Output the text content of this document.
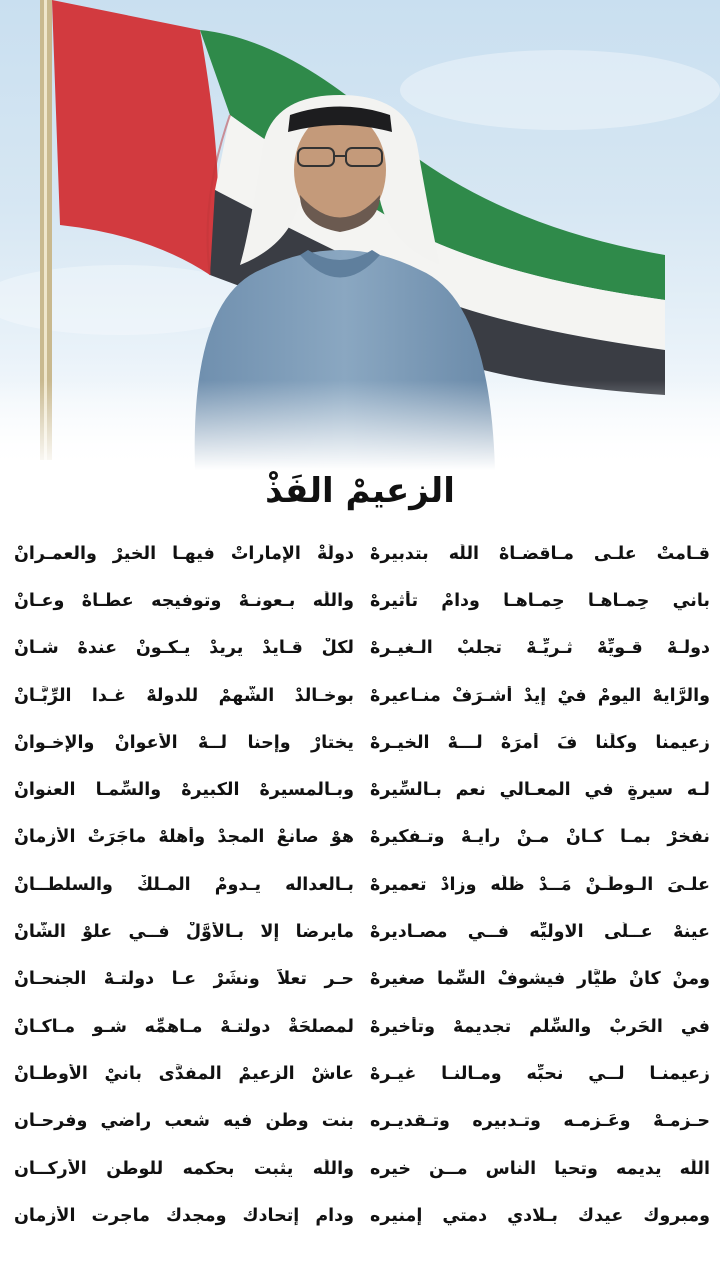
الزعيمْ الفَذْ
قـامتْ علـى مـاقضـاهْ اللّٰه بتدبيرهْ
دولَةْ الإماراتْ فيهـا الخيرْ والعمـرانْ
باني حِمـاهـا حِمـاهـا ودامْ تأثيرهْ
واللّٰه بـعونـهْ وتوفيجه عطـاهْ وعـانْ
دولـهْ قـويِّهْ ثـريِّـهْ تجلبْ الـغيـرهْ
لكلْ قـايدْ يريدْ يـكـونْ عندهْ شـانْ
والرَّايهْ اليومْ فيْ إيدْ أشـرَفْ منـاعيرهْ
بوخـالدْ الشَّهمْ للدولهْ غـدا الرِّبَّـانْ
زعيمنا وكلّْنا فَ أمرَهْ لـــهْ الخيـرهْ
يختارْ وإحنا لــهْ الأعوانْ والإخـوانْ
لـه سيرةٍ في المعـالي نعم بـالسِّيرهْ
وبـالمسيرهْ الكبيرهْ والسِّمـا العنوانْ
نفخرْ بمـا كـانْ مـنْ رايـهْ وتـفكيرهْ
هوْ صانعْ المجدْ وأهلهْ ماجَرَتْ الأزمانْ
علـىَ الـوطَـنْ مَــدْ ظلِّه وزادْ تعميرهْ
بـالعداله يـدومْ المـلكْ والسلطــانْ
عينهْ عــلَى الاوليِّه فــي مصـاديرهْ
مايرضا إلا بـالأوَّلْ فــي علوْ الشَّانْ
ومنْ كانْ طيَّار فيشوفْ السِّما صغيرهْ
حـر تعلاً ونشَرْ عـا دولتـهْ الجنحـانْ
في الحَربْ والسِّلم تجديمهْ وتأخيرهْ
لمصلحَةْ دولتـهْ مـاهمِّه شـو مـاكـانْ
زعيمنـا لــي نحبِّه ومـالنـا غيـرهْ
عاشْ الزعيمْ المفدَّى بانيْ الأوطـانْ
حـزمـهْ وعَـزمـه وتـدبيره وتـقديـره
بنت وطن فيه شعب راضي وفرحـان
اللّٰه يديمه وتحيا الناس مــن خيره
واللّٰه يثبت بحكمه للوطن الأركــان
ومبروك عيدك بـلادي دمتي إمنيره
ودام إتحادك ومجدك ماجرت الأزمان
